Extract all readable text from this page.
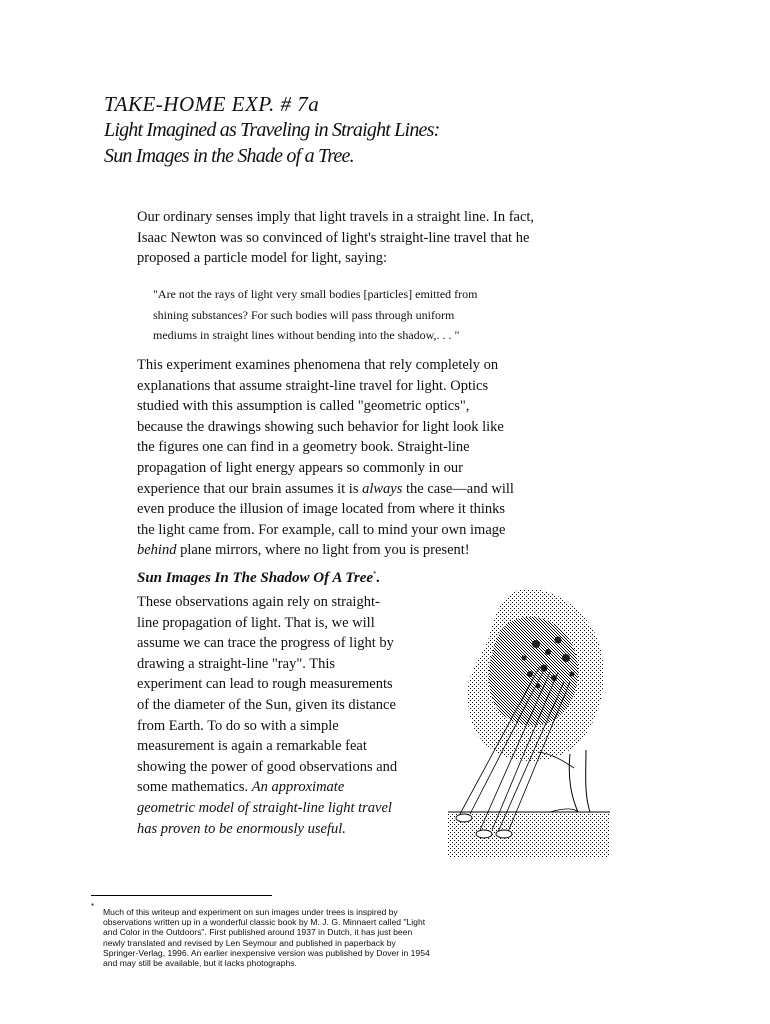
TAKE-HOME EXP. # 7a
Light Imagined as Traveling in Straight Lines:
Sun Images in the Shade of a Tree.

Our ordinary senses imply that light travels in a straight line. In fact,
Isaac Newton was so convinced of light's straight-line travel that he
proposed a particle model for light, saying:

"Are not the rays of light very small bodies [particles] emitted from
shining substances? For such bodies will pass through uniform
mediums in straight lines without bending into the shadow,. . . "

This experiment examines phenomena that rely completely on
explanations that assume straight-line travel for light. Optics
studied with this assumption is called "geometric optics",
because the drawings showing such behavior for light look like
the figures one can find in a geometry book. Straight-line
propagation of light energy appears so commonly in our
experience that our brain assumes it is always the case—and will
even produce the illusion of image located from where it thinks
the light came from. For example, call to mind your own image
behind plane mirrors, where no light from you is present!

Sun Images In The Shadow Of A Tree*.

These observations again rely on straight-
line propagation of light. That is, we will
assume we can trace the progress of light by
drawing a straight-line "ray". This
experiment can lead to rough measurements
of the diameter of the Sun, given its distance
from Earth. To do so with a simple
measurement is again a remarkable feat
showing the power of good observations and
some mathematics. An approximate
geometric model of straight-line light travel
has proven to be enormously useful.

*

Much of this writeup and experiment on sun images under trees is inspired by
observations written up in a wonderful classic book by M. J. G. Minnaert called "Light
and Color in the Outdoors". First published around 1937 in Dutch, it has just been
newly translated and revised by Len Seymour and published in paperback by
Springer-Verlag, 1996. An earlier inexpensive version was published by Dover in 1954
and may still be available, but it lacks photographs.
